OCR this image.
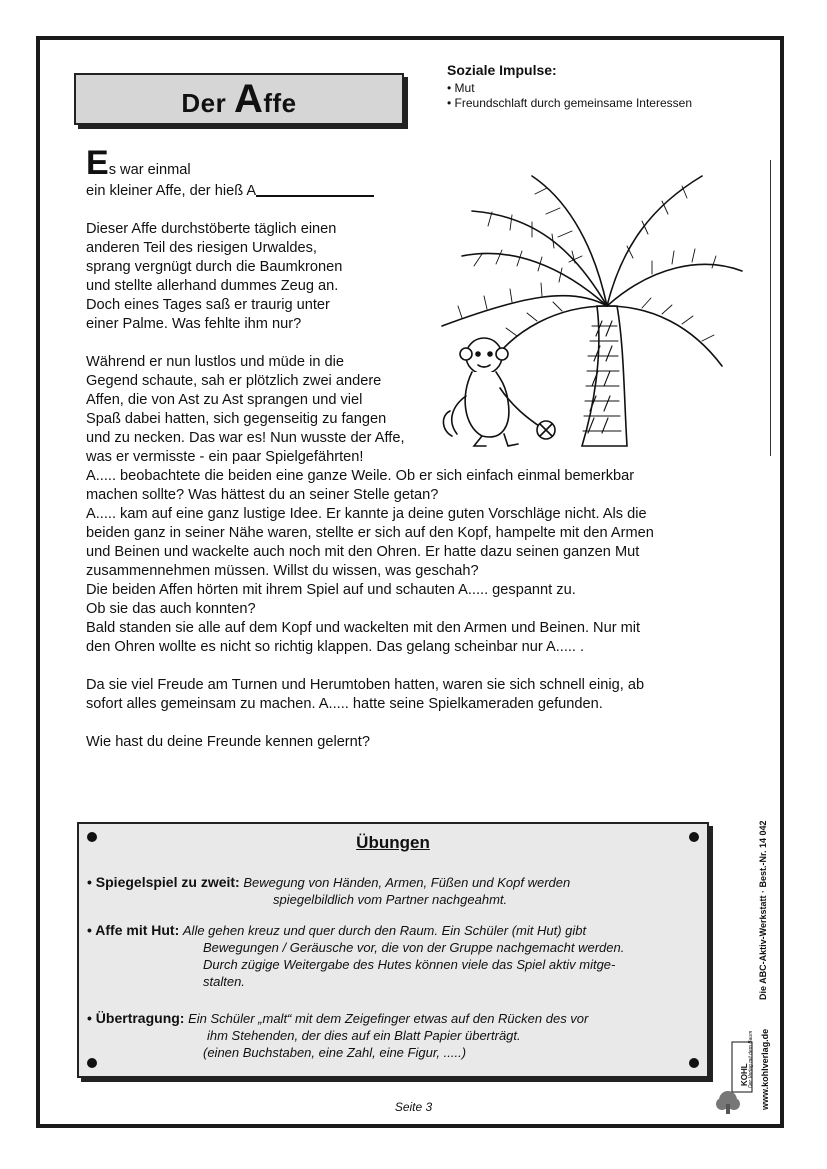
Der Affe
Soziale Impulse:
• Mut
• Freundschlaft durch gemeinsame Interessen

Es war einmal

ein kleiner Affe, der hieß A

Dieser Affe durchstöberte täglich einen

anderen Teil des riesigen Urwaldes,

sprang vergnügt durch die Baumkronen

und stellte allerhand dummes Zeug an.

Doch eines Tages saß er traurig unter

einer Palme. Was fehlte ihm nur?

Während er nun lustlos und müde in die

Gegend schaute, sah er plötzlich zwei andere

Affen, die von Ast zu Ast sprangen und viel

Spaß dabei hatten, sich gegenseitig zu fangen

und zu necken. Das war es! Nun wusste der Affe,

was er vermisste - ein paar Spielgefährten!

A..... beobachtete die beiden eine ganze Weile. Ob er sich einfach einmal bemerkbar

machen sollte? Was hättest du an seiner Stelle getan?

A..... kam auf eine ganz lustige Idee. Er kannte ja deine guten Vorschläge nicht. Als die

beiden ganz in seiner Nähe waren, stellte er sich auf den Kopf, hampelte mit den Armen

und Beinen und wackelte auch noch mit den Ohren. Er hatte dazu seinen ganzen Mut

zusammennehmen müssen. Willst du wissen, was geschah?

Die beiden Affen hörten mit ihrem Spiel auf und schauten A..... gespannt zu.

Ob sie das auch konnten?

Bald standen sie alle auf dem Kopf und wackelten mit den Armen und Beinen. Nur mit

den Ohren wollte es nicht so richtig klappen. Das gelang scheinbar nur A..... .

Da sie viel Freude am Turnen und Herumtoben hatten, waren sie sich schnell einig, ab

sofort alles gemeinsam zu machen. A..... hatte seine Spielkameraden gefunden.

Wie hast du deine Freunde kennen gelernt?

Übungen
• Spiegelspiel zu zweit: Bewegung von Händen, Armen, Füßen und Kopf werden
spiegelbildlich vom Partner nachgeahmt.
• Affe mit Hut: Alle gehen kreuz und quer durch den Raum. Ein Schüler (mit Hut) gibt
Bewegungen / Geräusche vor, die von der Gruppe nachgemacht werden.
Durch zügige Weitergabe des Hutes können viele das Spiel aktiv mitge-
stalten.
• Übertragung: Ein Schüler „malt“ mit dem Zeigefinger etwas auf den Rücken des vor
ihm Stehenden, der dies auf ein Blatt Papier überträgt.
(einen Buchstaben, eine Zahl, eine Figur, .....)
Seite 3
Die ABC-Aktiv-Werkstatt · Best.-Nr. 14 042
www.kohlverlag.de
KOHL Der Verlag mit dem Baum
